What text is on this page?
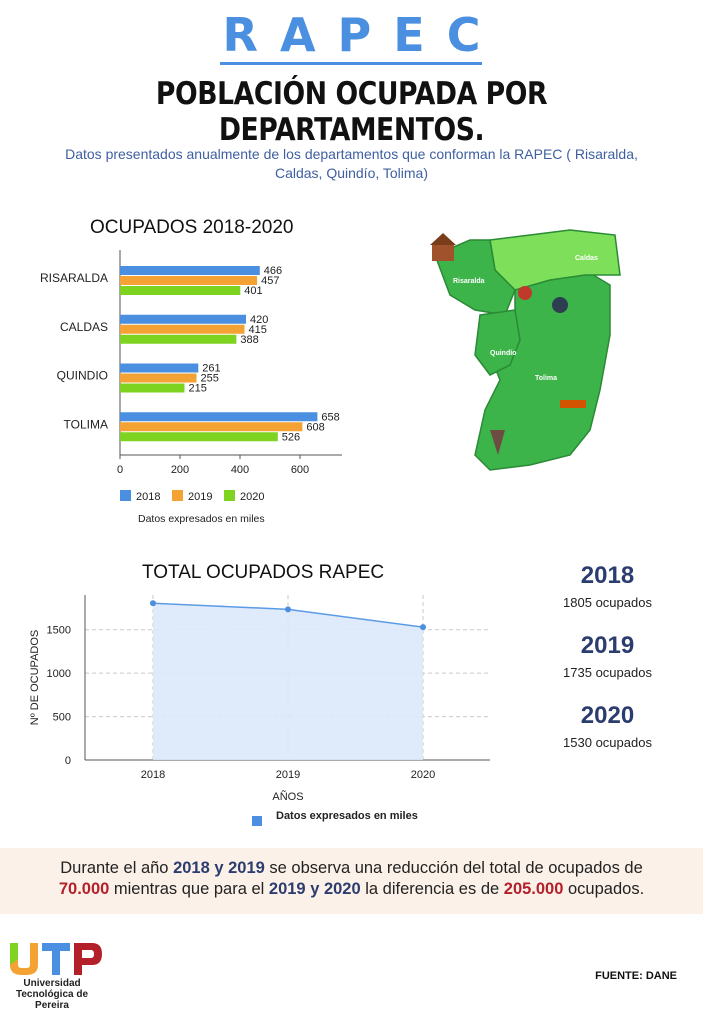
RAPEC
POBLACIÓN OCUPADA POR DEPARTAMENTOS.
Datos presentados anualmente de los departamentos que conforman la RAPEC ( Risaralda, Caldas, Quindío, Tolima)
OCUPADOS 2018-2020
RISARALDA	466
457
401
CALDAS	420
415
388
QUINDIO	261
255
215
TOLIMA	658
608
526
0	200	400	600
2018	2019	2020
Datos expresados en miles
Caldas
Risaralda
Quindío
Tolima
TOTAL OCUPADOS RAPEC
0
500
1000
1500
2018	2019	2020
AÑOS
Nº DE OCUPADOS
Datos expresados en miles
2018
1805 ocupados
2019
1735 ocupados
2020
1530 ocupados

Durante el año 2018 y 2019 se observa una reducción del total de ocupados de 70.000 mientras que para el 2019 y 2020 la diferencia es de 205.000 ocupados.

Universidad Tecnológica de Pereira
FUENTE: DANE
